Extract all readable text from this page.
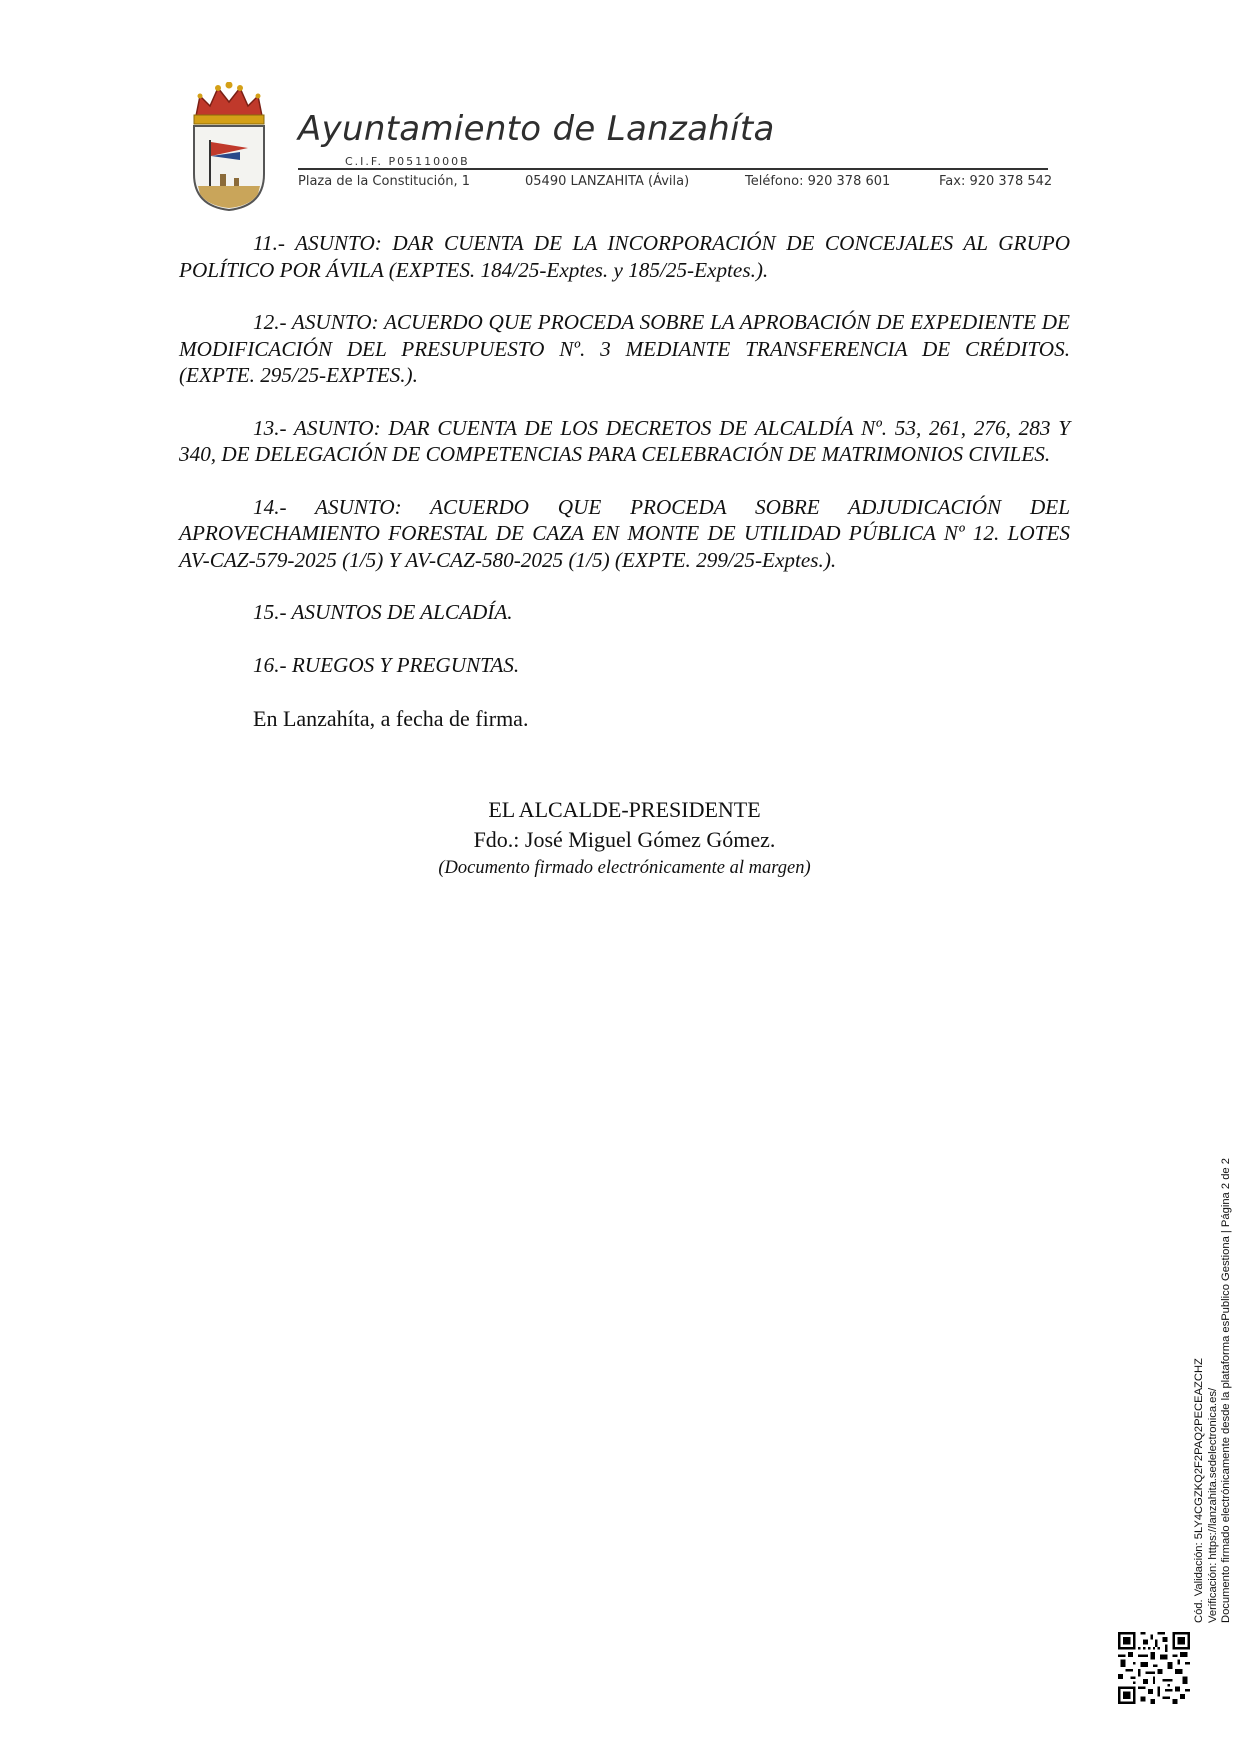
Ayuntamiento de Lanzahíta
C.I.F. P0511000B
Plaza de la Constitución, 1	05490 LANZAHITA (Ávila)	Teléfono: 920 378 601	Fax: 920 378 542

11.- ASUNTO: DAR CUENTA DE LA INCORPORACIÓN DE CONCEJALES AL GRUPO POLÍTICO POR ÁVILA (EXPTES. 184/25-Exptes. y 185/25-Exptes.).

12.- ASUNTO: ACUERDO QUE PROCEDA SOBRE LA APROBACIÓN DE EXPEDIENTE DE MODIFICACIÓN DEL PRESUPUESTO Nº. 3 MEDIANTE TRANSFERENCIA DE CRÉDITOS. (EXPTE. 295/25-EXPTES.).

13.- ASUNTO: DAR CUENTA DE LOS DECRETOS DE ALCALDÍA Nº. 53, 261, 276, 283 Y 340, DE DELEGACIÓN DE COMPETENCIAS PARA CELEBRACIÓN DE MATRIMONIOS CIVILES.

14.- ASUNTO: ACUERDO QUE PROCEDA SOBRE ADJUDICACIÓN DEL APROVECHAMIENTO FORESTAL DE CAZA EN MONTE DE UTILIDAD PÚBLICA Nº 12. LOTES AV-CAZ-579-2025 (1/5) Y AV-CAZ-580-2025 (1/5) (EXPTE. 299/25-Exptes.).

15.- ASUNTOS DE ALCADÍA.

16.- RUEGOS Y PREGUNTAS.

En Lanzahíta, a fecha de firma.

EL ALCALDE-PRESIDENTE
Fdo.: José Miguel Gómez Gómez.
(Documento firmado electrónicamente al margen)
Cód. Validación: 5LY4CGZKQ2F2PAQ2PECEAZCHZ Verificación: https://lanzahita.sedelectronica.es/ Documento firmado electrónicamente desde la plataforma esPublico Gestiona | Página 2 de 2
